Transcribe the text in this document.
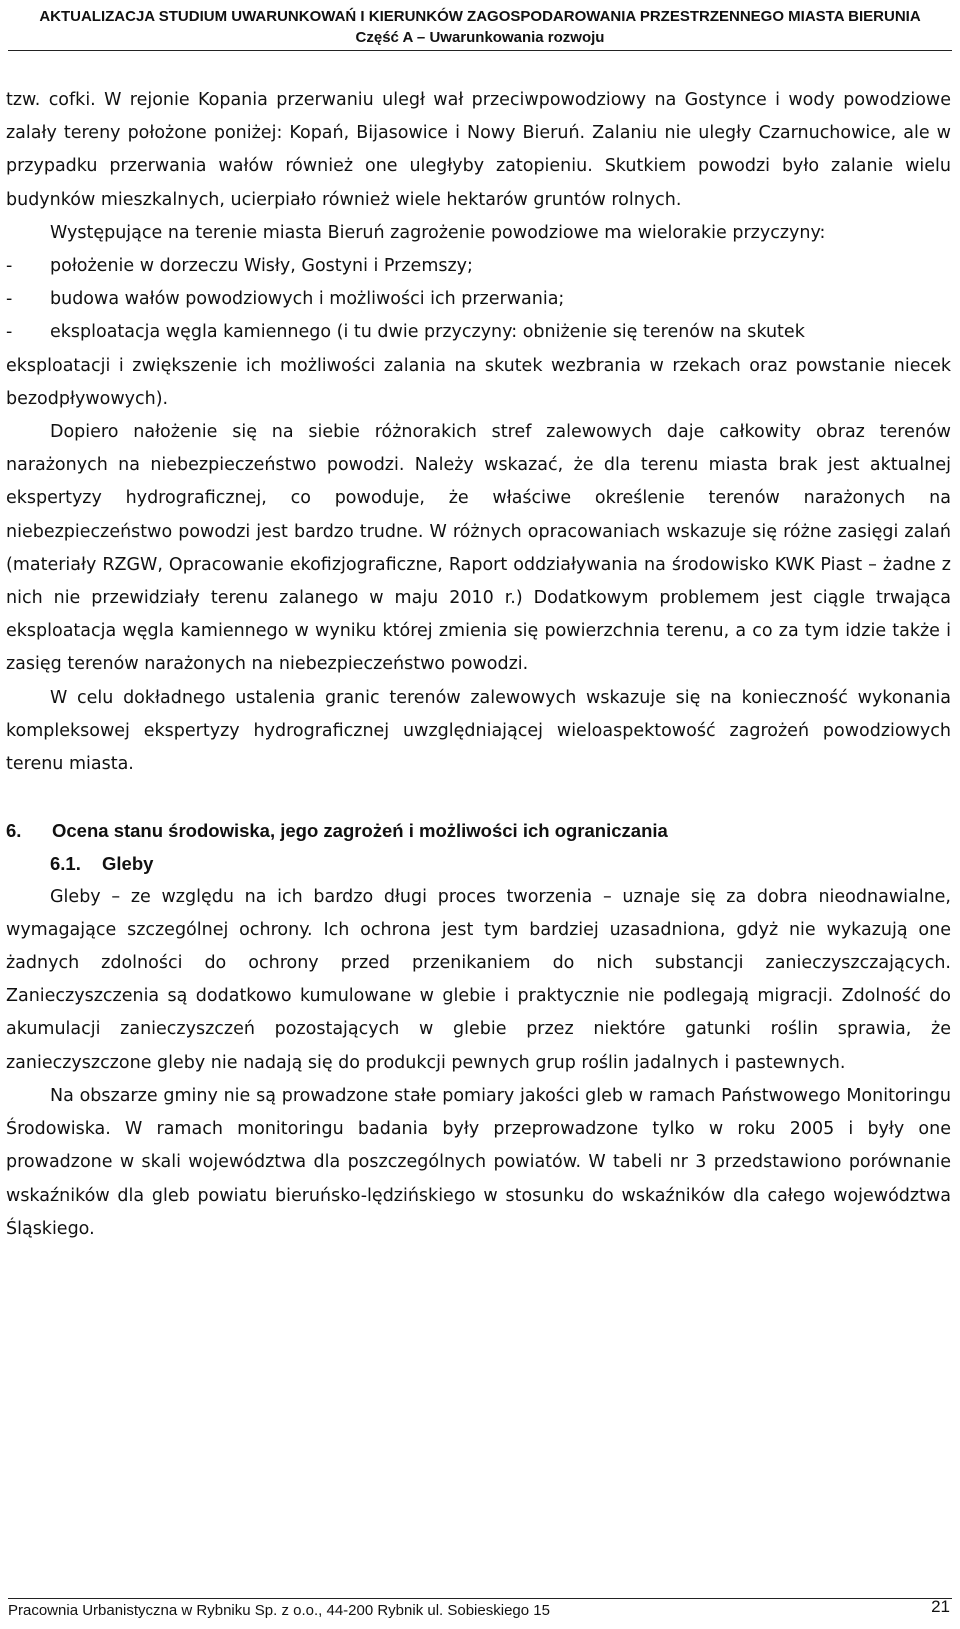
AKTUALIZACJA STUDIUM UWARUNKOWAŃ I KIERUNKÓW ZAGOSPODAROWANIA PRZESTRZENNEGO MIASTA BIERUNIA
Część A – Uwarunkowania rozwoju

tzw. cofki. W rejonie Kopania przerwaniu uległ wał przeciwpowodziowy na Gostynce i wody powodziowe zalały tereny położone poniżej: Kopań, Bijasowice i Nowy Bieruń. Zalaniu nie uległy Czarnuchowice, ale w przypadku przerwania wałów również one uległyby zatopieniu. Skutkiem powodzi było zalanie wielu budynków mieszkalnych, ucierpiało również wiele hektarów gruntów rolnych.

Występujące na terenie miasta Bieruń zagrożenie powodziowe ma wielorakie przyczyny:

-	położenie w dorzeczu Wisły, Gostyni i Przemszy;
-	budowa wałów powodziowych i możliwości ich przerwania;
-	eksploatacja węgla kamiennego (i tu dwie przyczyny: obniżenie się terenów na skutek

eksploatacji i zwiększenie ich możliwości zalania na skutek wezbrania w rzekach oraz powstanie niecek bezodpływowych).

Dopiero nałożenie się na siebie różnorakich stref zalewowych daje całkowity obraz terenów narażonych na niebezpieczeństwo powodzi. Należy wskazać, że dla terenu miasta brak jest aktualnej ekspertyzy hydrograficznej, co powoduje, że właściwe określenie terenów narażonych na niebezpieczeństwo powodzi jest bardzo trudne. W różnych opracowaniach wskazuje się różne zasięgi zalań (materiały RZGW, Opracowanie ekofizjograficzne, Raport oddziaływania na środowisko KWK Piast – żadne z nich nie przewidziały terenu zalanego w maju 2010 r.) Dodatkowym problemem jest ciągle trwająca eksploatacja węgla kamiennego w wyniku której zmienia się powierzchnia terenu, a co za tym idzie także i zasięg terenów narażonych na niebezpieczeństwo powodzi.

W celu dokładnego ustalenia granic terenów zalewowych wskazuje się na konieczność wykonania kompleksowej ekspertyzy hydrograficznej uwzględniającej wieloaspektowość zagrożeń powodziowych terenu miasta.

6.	Ocena stanu środowiska, jego zagrożeń i możliwości ich ograniczania
6.1.	Gleby

Gleby – ze względu na ich bardzo długi proces tworzenia – uznaje się za dobra nieodnawialne, wymagające szczególnej ochrony. Ich ochrona jest tym bardziej uzasadniona, gdyż nie wykazują one żadnych zdolności do ochrony przed przenikaniem do nich substancji zanieczyszczających. Zanieczyszczenia są dodatkowo kumulowane w glebie i praktycznie nie podlegają migracji. Zdolność do akumulacji zanieczyszczeń pozostających w glebie przez niektóre gatunki roślin sprawia, że zanieczyszczone gleby nie nadają się do produkcji pewnych grup roślin jadalnych i pastewnych.

Na obszarze gminy nie są prowadzone stałe pomiary jakości gleb w ramach Państwowego Monitoringu Środowiska. W ramach monitoringu badania były przeprowadzone tylko w roku 2005 i były one prowadzone w skali województwa dla poszczególnych powiatów. W tabeli nr 3 przedstawiono porównanie wskaźników dla gleb powiatu bieruńsko-lędzińskiego w stosunku do wskaźników dla całego województwa Śląskiego.

Pracownia Urbanistyczna w Rybniku Sp. z o.o., 44-200 Rybnik ul. Sobieskiego 15	21
